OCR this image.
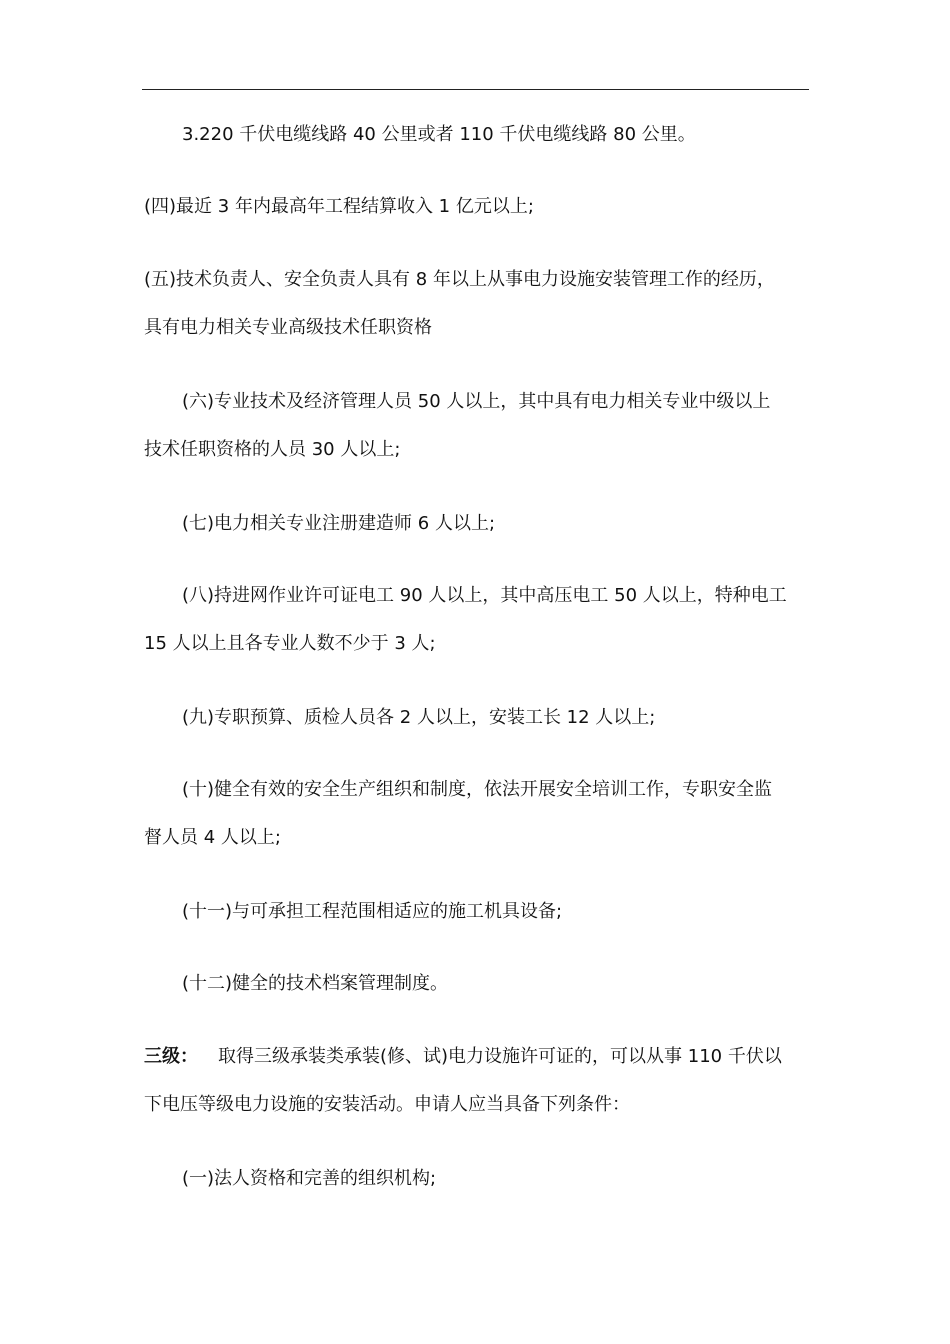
3.220 千伏电缆线路 40 公里或者 110 千伏电缆线路 80 公里。

(四)最近 3 年内最高年工程结算收入 1 亿元以上;

(五)技术负责人、安全负责人具有 8 年以上从事电力设施安装管理工作的经历，
具有电力相关专业高级技术任职资格

(六)专业技术及经济管理人员 50 人以上，其中具有电力相关专业中级以上
技术任职资格的人员 30 人以上;

(七)电力相关专业注册建造师 6 人以上;

(八)持进网作业许可证电工 90 人以上，其中高压电工 50 人以上，特种电工
15 人以上且各专业人数不少于 3 人;

(九)专职预算、质检人员各 2 人以上，安装工长 12 人以上;

(十)健全有效的安全生产组织和制度，依法开展安全培训工作，专职安全监
督人员 4 人以上;

(十一)与可承担工程范围相适应的施工机具设备;

(十二)健全的技术档案管理制度。

三级： 取得三级承装类承装(修、试)电力设施许可证的，可以从事 110 千伏以
下电压等级电力设施的安装活动。申请人应当具备下列条件：

(一)法人资格和完善的组织机构;
